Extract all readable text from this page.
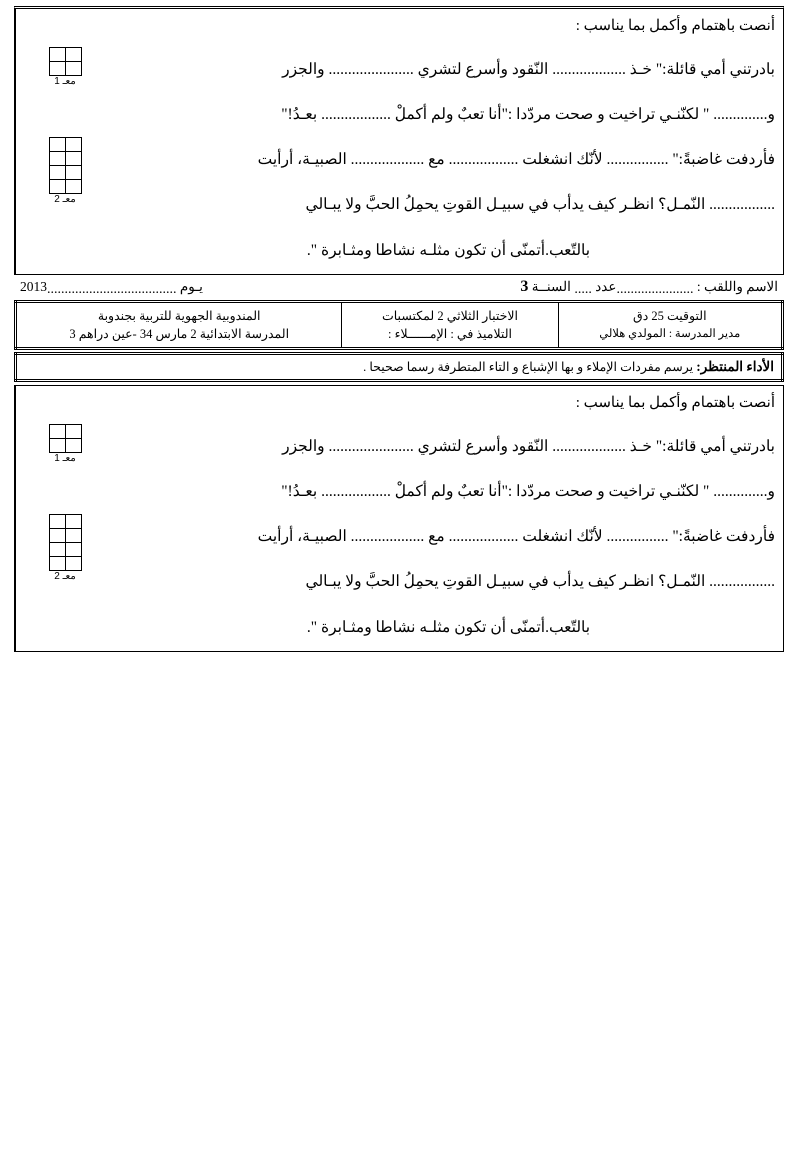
أنصت باهتمام وأكمل بما يناسب :

بادرتني أمي قائلة:" خـذ ................... النّقود وأسرع لتشري ...................... والجزر

و.............. " لكنّنـي تراخيت و صحت مردّدا :"أنا تعبٌ ولم أكملْ .................. بعـدُ!"

فأردفت غاضبةً:" ................ لأنّك انشغلت .................. مع ................... الصبيـة، أرأيت

................. النّمـل؟ انظـر كيف يدأب في سبيـل القوتِ يحمِلُ الحبَّ ولا يبـالي

بالتّعب.أتمنّى أن تكون مثلـه نشاطا ومثـابرة ".

معـ 1

معـ 2
الاسم واللقب : ......................عدد ..... السنــة 3
يـوم .....................................2013
التوقيت 25 دق
مدير المدرسة : المولدي هلالي

الاختبار الثلاثي 2 لمكتسبات
التلاميذ في : الإمــــــلاء :

المندوبية الجهوية للتربية بجندوبة
المدرسة الابتدائية 2 مارس 34 -عين دراهم 3
الأداء المنتظر: يرسم مفردات الإملاء و بها الإشباع و التاء المتطرفة رسما صحيحا .

أنصت باهتمام وأكمل بما يناسب :

بادرتني أمي قائلة:" خـذ ................... النّقود وأسرع لتشري ...................... والجزر

و.............. " لكنّنـي تراخيت و صحت مردّدا :"أنا تعبٌ ولم أكملْ .................. بعـدُ!"

فأردفت غاضبةً:" ................ لأنّك انشغلت .................. مع ................... الصبيـة، أرأيت

................. النّمـل؟ انظـر كيف يدأب في سبيـل القوتِ يحمِلُ الحبَّ ولا يبـالي

بالتّعب.أتمنّى أن تكون مثلـه نشاطا ومثـابرة ".

معـ 1

معـ 2
